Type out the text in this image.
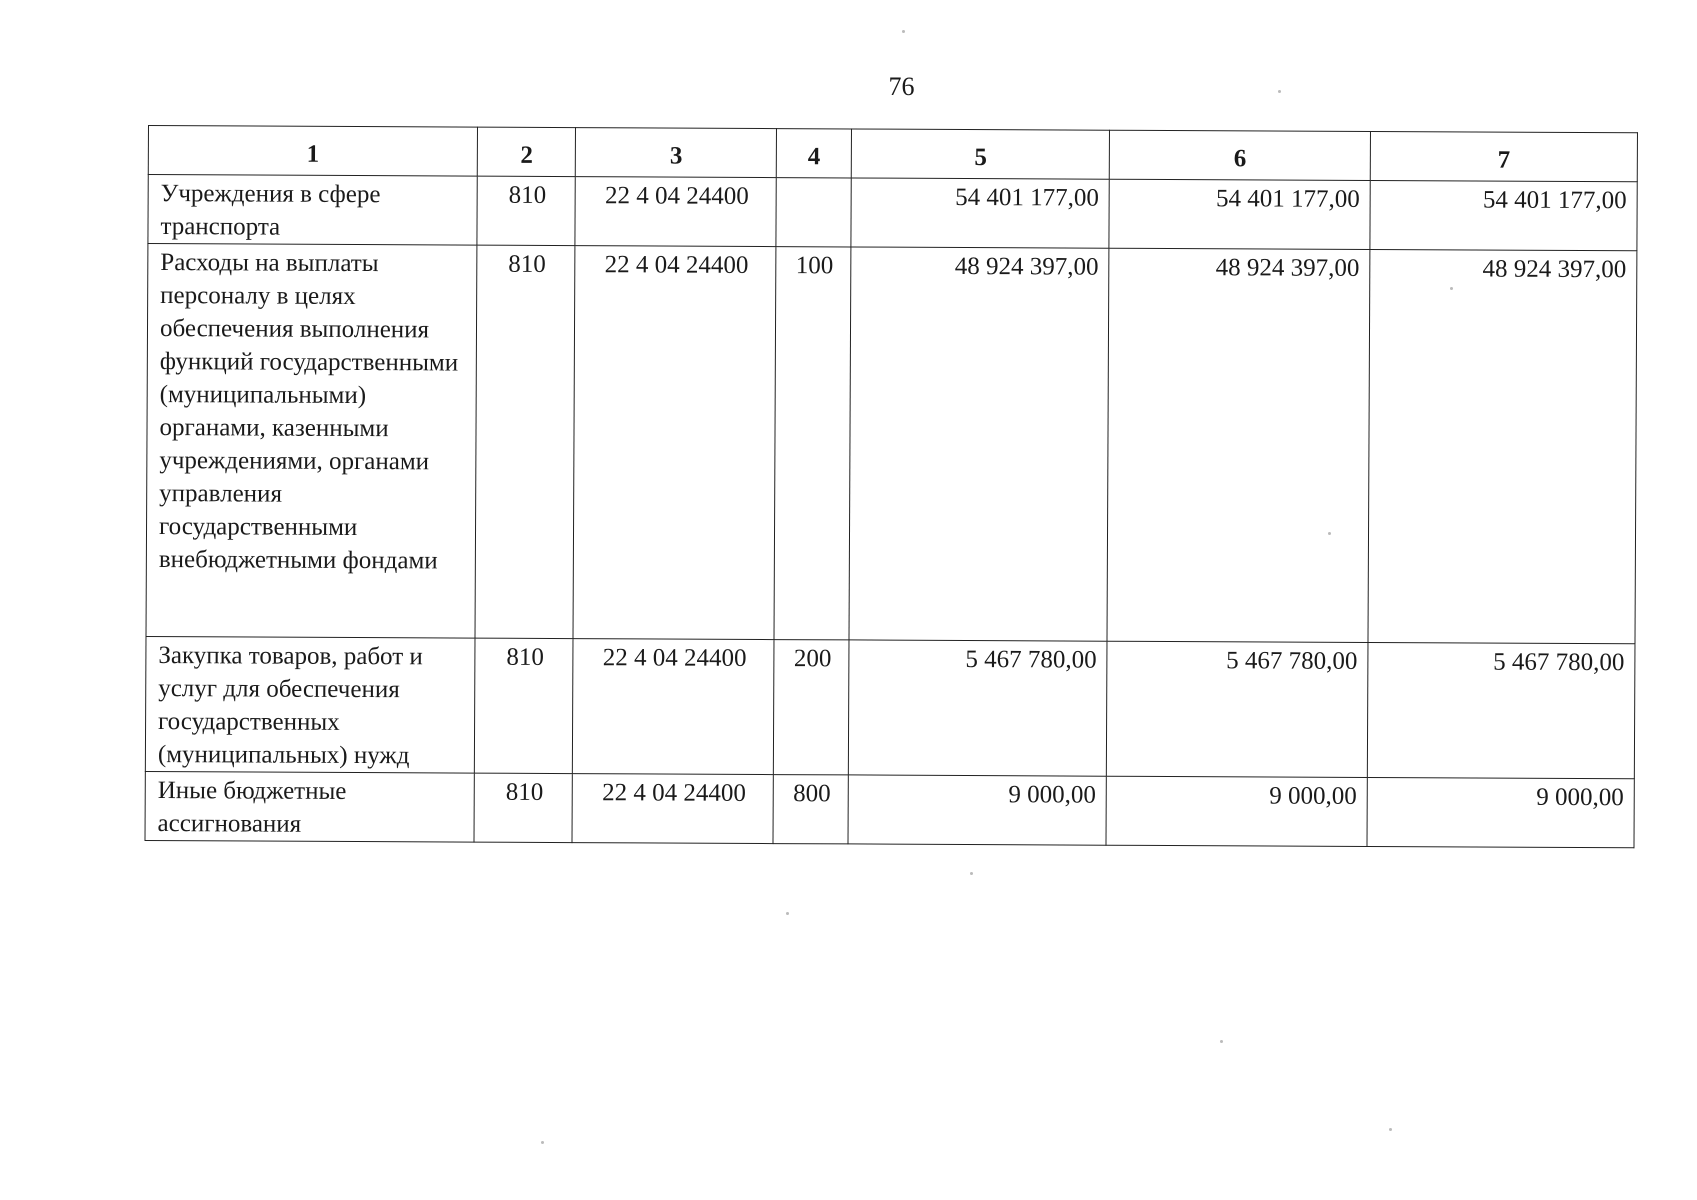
76
1	2	3	4	5	6	7
Учреждения в сфере транспорта	810	22 4 04 24400		54 401 177,00	54 401 177,00	54 401 177,00
Расходы на выплаты персоналу в целях обеспечения выполнения функций государственными (муниципальными) органами, казенными учреждениями, органами управления государственными внебюджетными фондами	810	22 4 04 24400	100	48 924 397,00	48 924 397,00	48 924 397,00
Закупка товаров, работ и услуг для обеспечения государственных (муниципальных) нужд	810	22 4 04 24400	200	5 467 780,00	5 467 780,00	5 467 780,00
Иные бюджетные ассигнования	810	22 4 04 24400	800	9 000,00	9 000,00	9 000,00
